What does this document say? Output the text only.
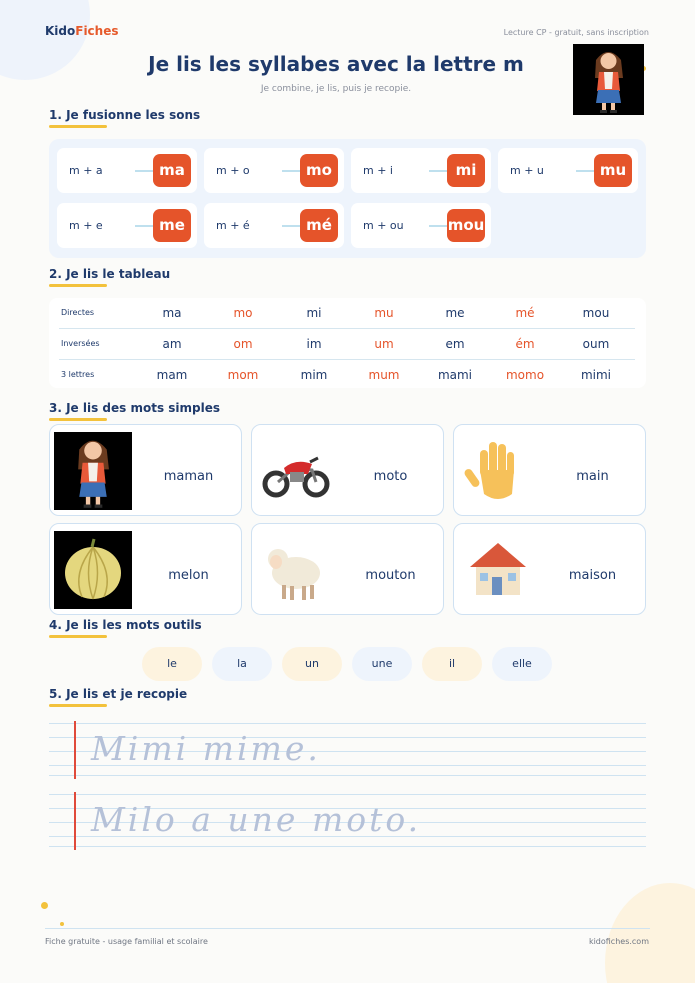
KidoFiches	Lecture CP - gratuit, sans inscription
Je lis les syllabes avec la lettre m
Je combine, je lis, puis je recopie.
1. Je fusionne les sons
m + a	ma	m + o	mo	m + i	mi	m + u	mu
m + e	me	m + é	mé	m + ou	mou
2. Je lis le tableau
Directes	ma	mo	mi	mu	me	mé	mou
Inversées	am	om	im	um	em	ém	oum
3 lettres	mam	mom	mim	mum	mami	momo	mimi
3. Je lis des mots simples
maman	moto	main
melon	mouton	maison
4. Je lis les mots outils
le	la	un	une	il	elle
5. Je lis et je recopie
Mimi mime.
Milo a une moto.
Fiche gratuite - usage familial et scolaire	kidofiches.com
